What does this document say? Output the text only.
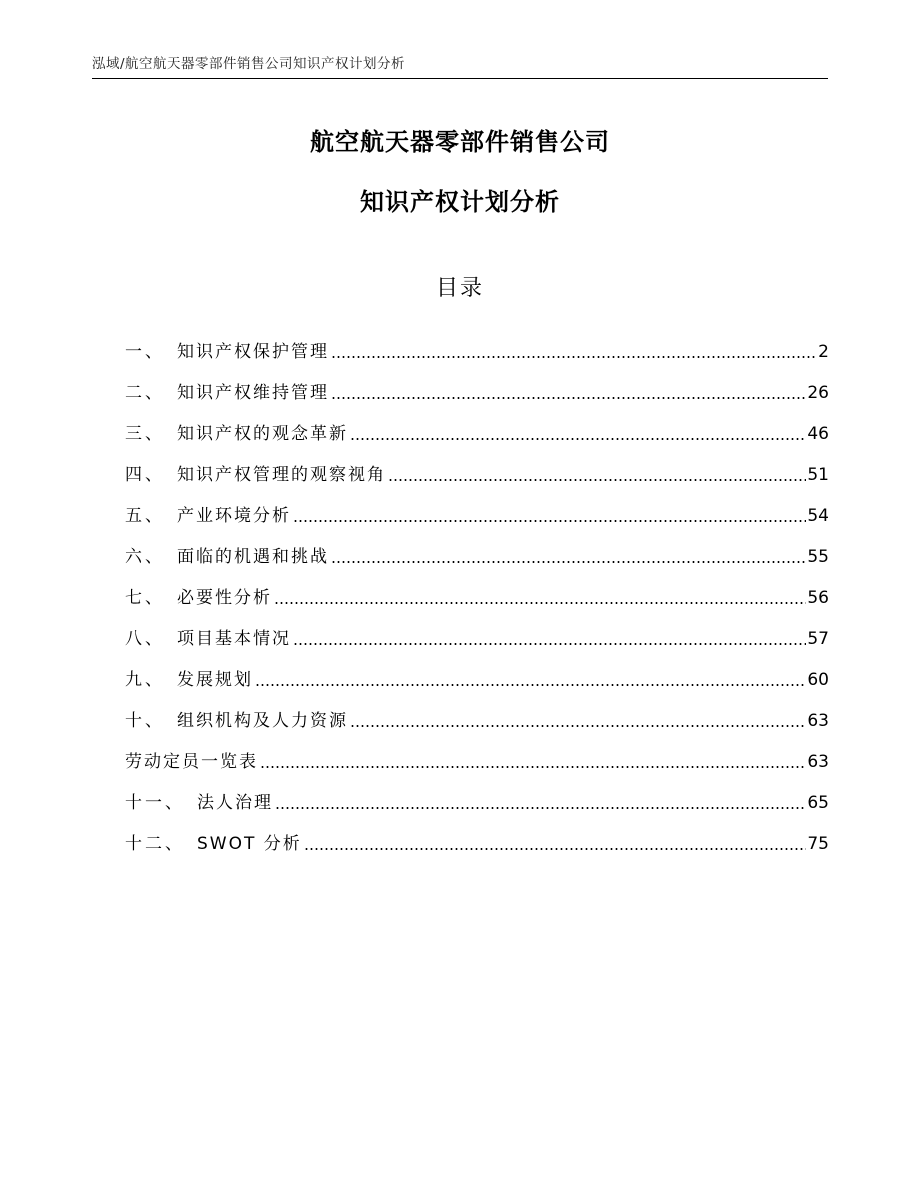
泓域/航空航天器零部件销售公司知识产权计划分析
航空航天器零部件销售公司
知识产权计划分析
目录
一、 知识产权保护管理	2
二、 知识产权维持管理	26
三、 知识产权的观念革新	46
四、 知识产权管理的观察视角	51
五、 产业环境分析	54
六、 面临的机遇和挑战	55
七、 必要性分析	56
八、 项目基本情况	57
九、 发展规划	60
十、 组织机构及人力资源	63
劳动定员一览表	63
十一、 法人治理	65
十二、 SWOT 分析	75
